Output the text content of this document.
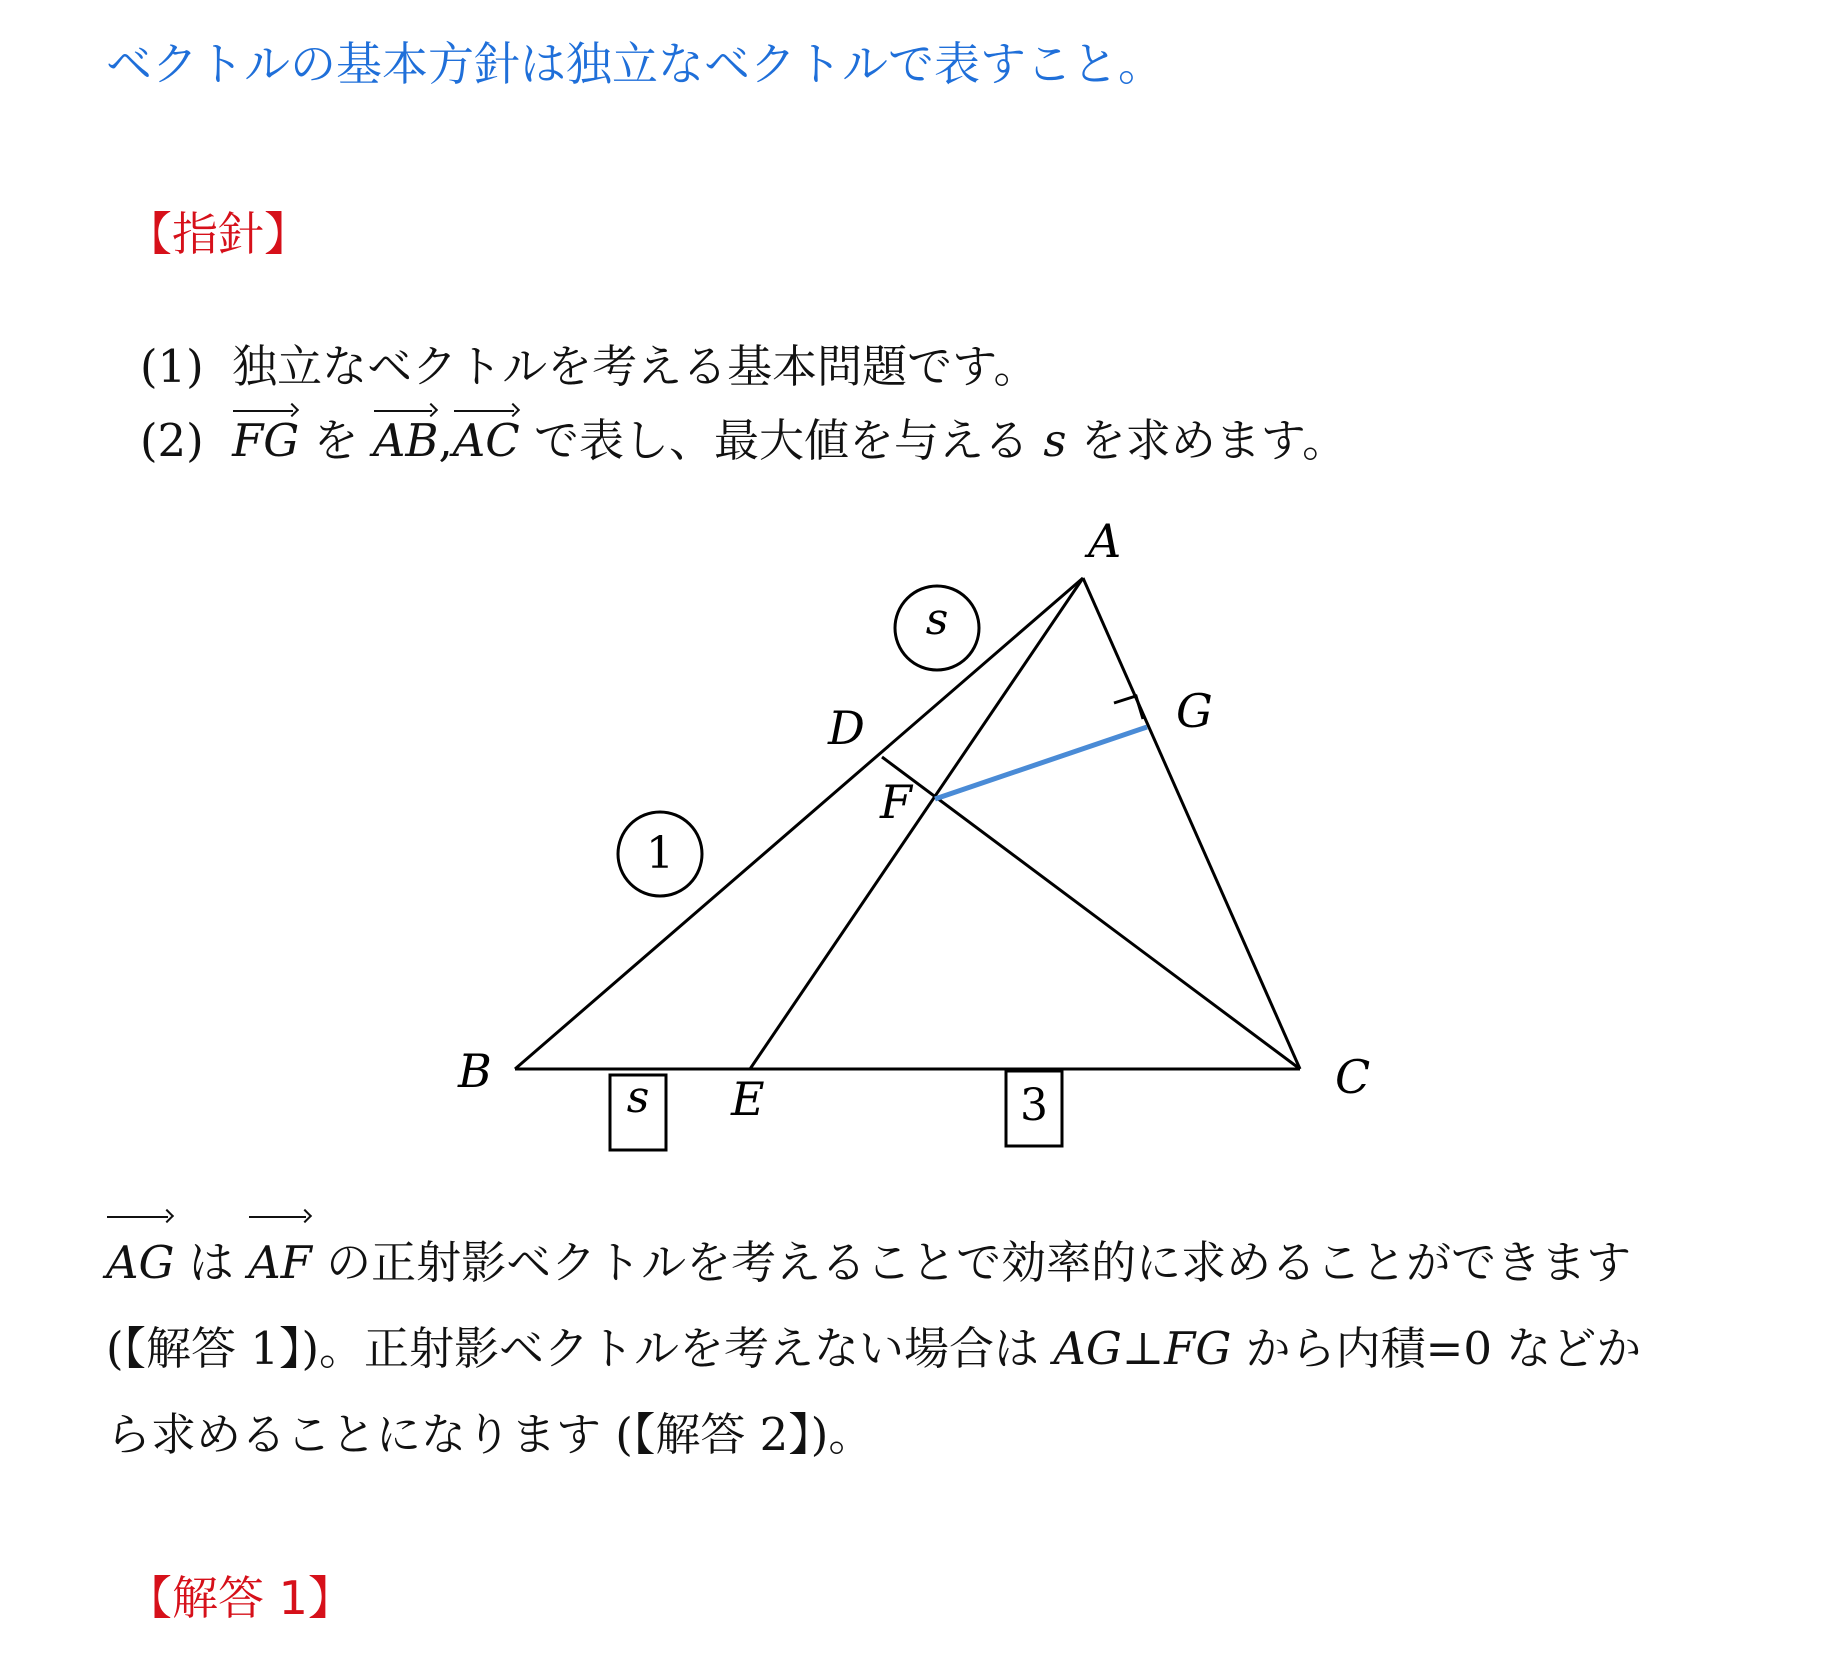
ベクトルの基本方針は独立なベクトルで表すこと。
【指針】
(1) 独立なベクトルを考える基本問題です。
(2) FG を AB,AC で表し、最大値を与える s を求めます。
A
B	C
D
E
F
G
s
1
s	3
AG は AF の正射影ベクトルを考えることで効率的に求めることができます
(【解答 1】)。正射影ベクトルを考えない場合は AG⊥FG から内積=0 などか
ら求めることになります (【解答 2】)。
【解答 1】
